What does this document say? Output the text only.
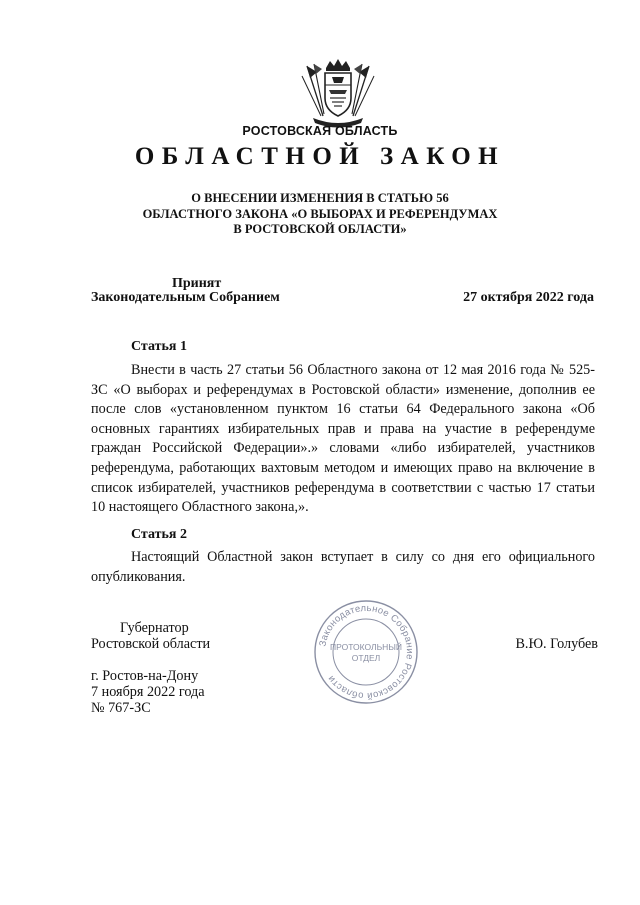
РОСТОВСКАЯ ОБЛАСТЬ
ОБЛАСТНОЙ ЗАКОН
О ВНЕСЕНИИ ИЗМЕНЕНИЯ В СТАТЬЮ 56
ОБЛАСТНОГО ЗАКОНА «О ВЫБОРАХ И РЕФЕРЕНДУМАХ
В РОСТОВСКОЙ ОБЛАСТИ»
Принят
Законодательным Собранием	27 октября 2022 года
Статья 1
Внести в часть 27 статьи 56 Областного закона от 12 мая 2016 года № 525-ЗС «О выборах и референдумах в Ростовской области» изменение, дополнив ее после слов «установленном пунктом 16 статьи 64 Федерального закона «Об основных гарантиях избирательных прав и права на участие в референдуме граждан Российской Федерации».» словами «либо избирателей, участников референдума, работающих вахтовым методом и имеющих право на включение в список избирателей, участников референдума в соответствии с частью 17 статьи 10 настоящего Областного закона,».
Статья 2
Настоящий Областной закон вступает в силу со дня его официального опубликования.
Губернатор
Ростовской области	В.Ю. Голубев
Законодательное Собрание Ростовской области
ПРОТОКОЛЬНЫЙ
ОТДЕЛ
г. Ростов-на-Дону
7 ноября 2022 года
№ 767-ЗС
